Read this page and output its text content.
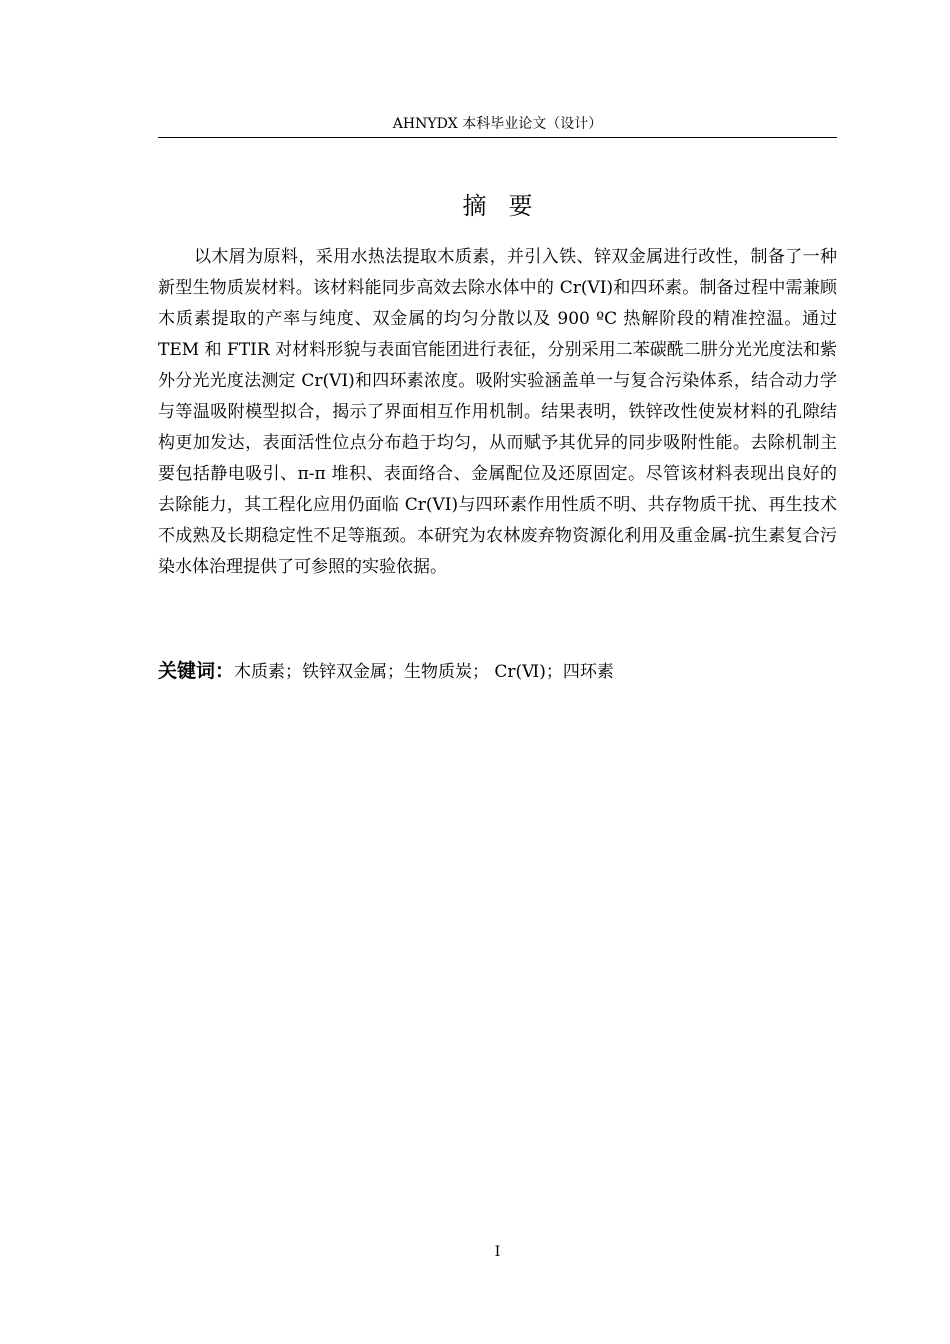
AHNYDX 本科毕业论文（设计）
摘要

以木屑为原料，采用水热法提取木质素，并引入铁、锌双金属进行改性，制备了一种新型生物质炭材料。该材料能同步高效去除水体中的 Cr(VI)和四环素。制备过程中需兼顾木质素提取的产率与纯度、双金属的均匀分散以及 900 ºC 热解阶段的精准控温。通过 TEM 和 FTIR 对材料形貌与表面官能团进行表征，分别采用二苯碳酰二肼分光光度法和紫外分光光度法测定 Cr(VI)和四环素浓度。吸附实验涵盖单一与复合污染体系，结合动力学与等温吸附模型拟合，揭示了界面相互作用机制。结果表明，铁锌改性使炭材料的孔隙结构更加发达，表面活性位点分布趋于均匀，从而赋予其优异的同步吸附性能。去除机制主要包括静电吸引、π-π 堆积、表面络合、金属配位及还原固定。尽管该材料表现出良好的去除能力，其工程化应用仍面临 Cr(VI)与四环素作用性质不明、共存物质干扰、再生技术不成熟及长期稳定性不足等瓶颈。本研究为农林废弃物资源化利用及重金属-抗生素复合污染水体治理提供了可参照的实验依据。

关键词：木质素；铁锌双金属；生物质炭； Cr(Ⅵ)；四环素
I
